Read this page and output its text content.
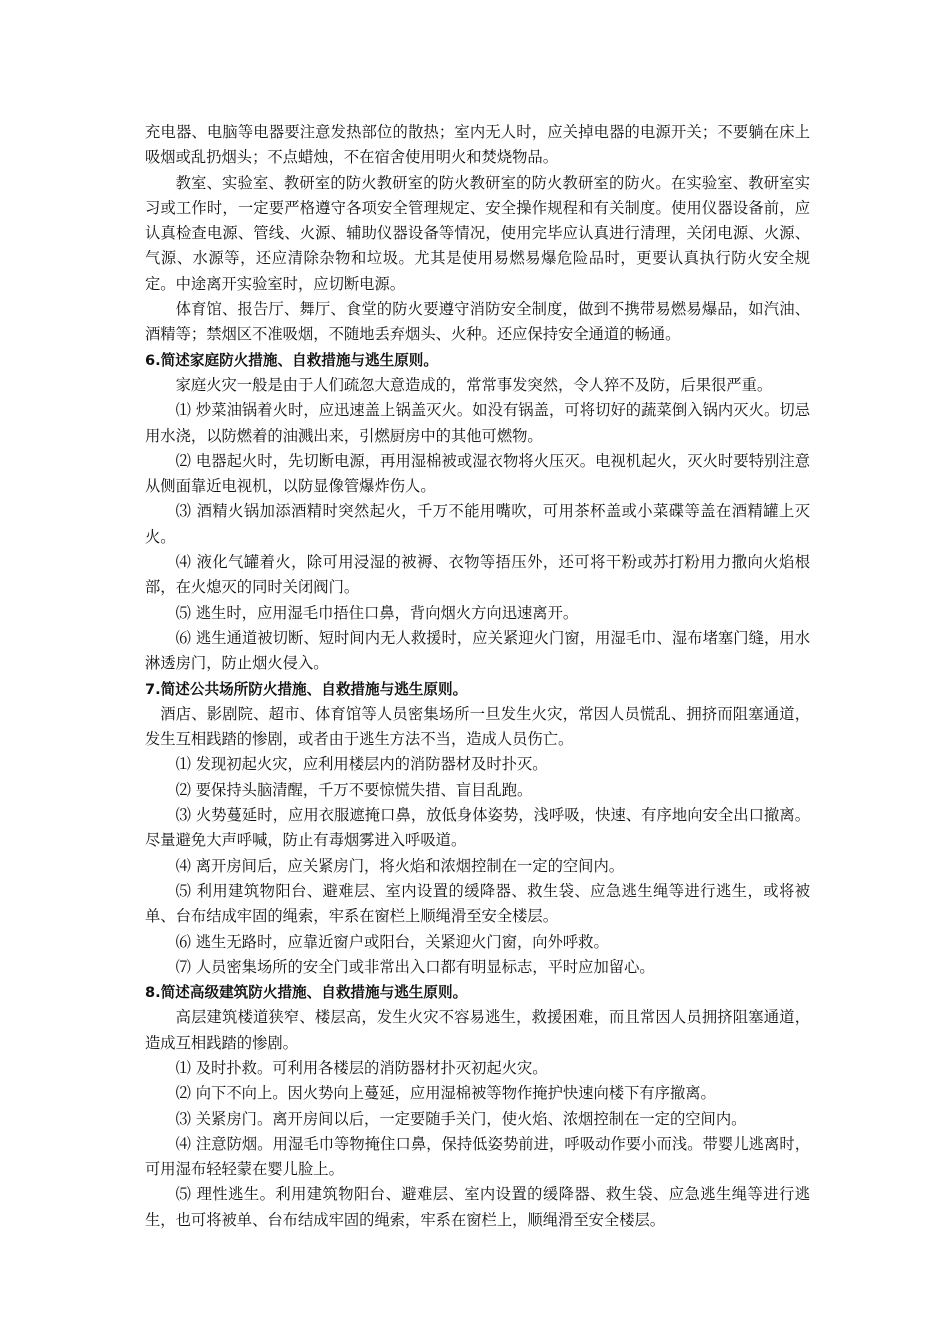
充电器、电脑等电器要注意发热部位的散热；室内无人时，应关掉电器的电源开关；不要躺在床上吸烟或乱扔烟头；不点蜡烛，不在宿舍使用明火和焚烧物品。

教室、实验室、教研室的防火教研室的防火教研室的防火教研室的防火。在实验室、教研室实习或工作时，一定要严格遵守各项安全管理规定、安全操作规程和有关制度。使用仪器设备前，应认真检查电源、管线、火源、辅助仪器设备等情况，使用完毕应认真进行清理，关闭电源、火源、气源、水源等，还应清除杂物和垃圾。尤其是使用易燃易爆危险品时，更要认真执行防火安全规定。中途离开实验室时，应切断电源。

体育馆、报告厅、舞厅、食堂的防火要遵守消防安全制度，做到不携带易燃易爆品，如汽油、酒精等；禁烟区不准吸烟，不随地丢弃烟头、火种。还应保持安全通道的畅通。

6.简述家庭防火措施、自救措施与逃生原则。

家庭火灾一般是由于人们疏忽大意造成的，常常事发突然，令人猝不及防，后果很严重。

⑴ 炒菜油锅着火时，应迅速盖上锅盖灭火。如没有锅盖，可将切好的蔬菜倒入锅内灭火。切忌用水浇，以防燃着的油溅出来，引燃厨房中的其他可燃物。

⑵ 电器起火时，先切断电源，再用湿棉被或湿衣物将火压灭。电视机起火，灭火时要特别注意从侧面靠近电视机，以防显像管爆炸伤人。

⑶ 酒精火锅加添酒精时突然起火，千万不能用嘴吹，可用茶杯盖或小菜碟等盖在酒精罐上灭火。

⑷ 液化气罐着火，除可用浸湿的被褥、衣物等捂压外，还可将干粉或苏打粉用力撒向火焰根部，在火熄灭的同时关闭阀门。

⑸ 逃生时，应用湿毛巾捂住口鼻，背向烟火方向迅速离开。

⑹ 逃生通道被切断、短时间内无人救援时，应关紧迎火门窗，用湿毛巾、湿布堵塞门缝，用水淋透房门，防止烟火侵入。

7.简述公共场所防火措施、自救措施与逃生原则。

酒店、影剧院、超市、体育馆等人员密集场所一旦发生火灾，常因人员慌乱、拥挤而阻塞通道，发生互相践踏的惨剧，或者由于逃生方法不当，造成人员伤亡。

⑴ 发现初起火灾，应利用楼层内的消防器材及时扑灭。

⑵ 要保持头脑清醒，千万不要惊慌失措、盲目乱跑。

⑶ 火势蔓延时，应用衣服遮掩口鼻，放低身体姿势，浅呼吸，快速、有序地向安全出口撤离。尽量避免大声呼喊，防止有毒烟雾进入呼吸道。

⑷ 离开房间后，应关紧房门，将火焰和浓烟控制在一定的空间内。

⑸ 利用建筑物阳台、避难层、室内设置的缓降器、救生袋、应急逃生绳等进行逃生，或将被单、台布结成牢固的绳索，牢系在窗栏上顺绳滑至安全楼层。

⑹ 逃生无路时，应靠近窗户或阳台，关紧迎火门窗，向外呼救。

⑺ 人员密集场所的安全门或非常出入口都有明显标志，平时应加留心。

8.简述高级建筑防火措施、自救措施与逃生原则。

高层建筑楼道狭窄、楼层高，发生火灾不容易逃生，救援困难，而且常因人员拥挤阻塞通道，造成互相践踏的惨剧。

⑴ 及时扑救。可利用各楼层的消防器材扑灭初起火灾。

⑵ 向下不向上。因火势向上蔓延，应用湿棉被等物作掩护快速向楼下有序撤离。

⑶ 关紧房门。离开房间以后，一定要随手关门，使火焰、浓烟控制在一定的空间内。

⑷ 注意防烟。用湿毛巾等物掩住口鼻，保持低姿势前进，呼吸动作要小而浅。带婴儿逃离时，可用湿布轻轻蒙在婴儿脸上。

⑸ 理性逃生。利用建筑物阳台、避难层、室内设置的缓降器、救生袋、应急逃生绳等进行逃生，也可将被单、台布结成牢固的绳索，牢系在窗栏上，顺绳滑至安全楼层。
